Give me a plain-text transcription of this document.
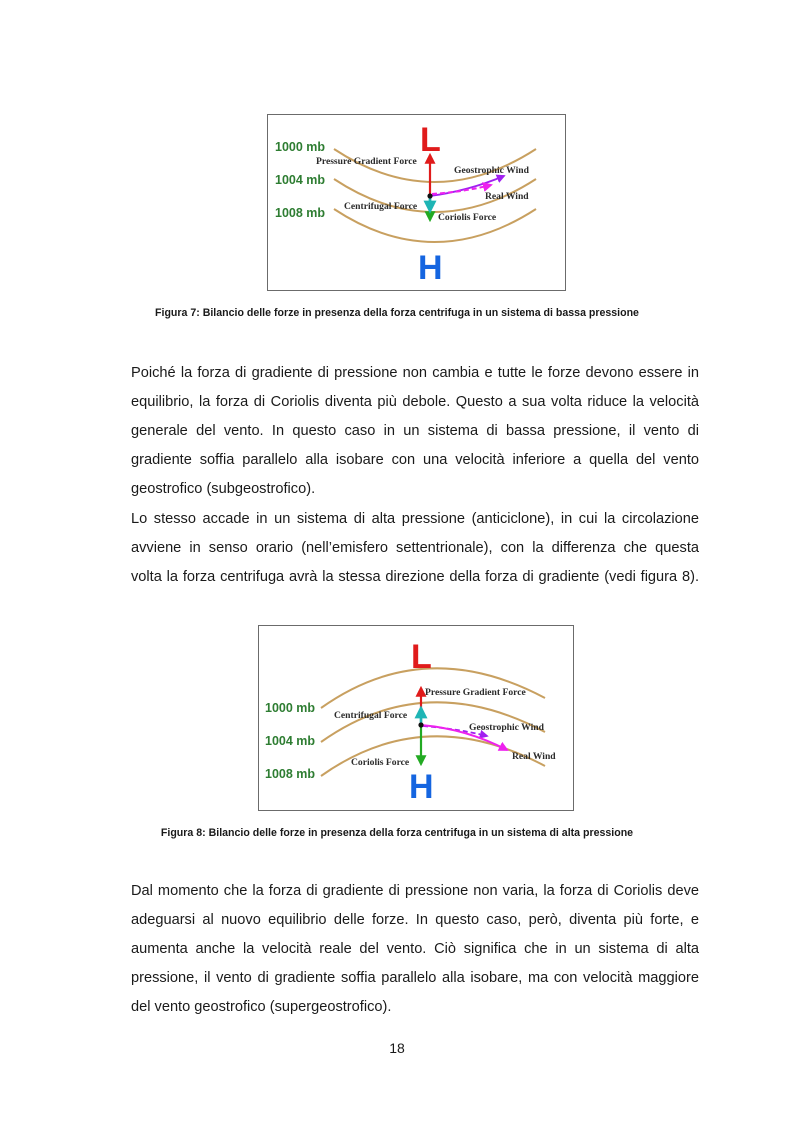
1000 mb
1004 mb
1008 mb
L
H
Pressure Gradient Force
Geostrophic Wind
Real Wind
Centrifugal Force
Coriolis Force
Figura 7: Bilancio delle forze in presenza della forza centrifuga in un sistema di bassa pressione
Poiché la forza di gradiente di pressione non cambia e tutte le forze devono essere in
equilibrio, la forza di Coriolis diventa più debole. Questo a sua volta riduce la velocità
generale del vento. In questo caso in un sistema di bassa pressione, il vento di
gradiente soffia parallelo alla isobare con una velocità inferiore a quella del vento
geostrofico (subgeostrofico).
Lo stesso accade in un sistema di alta pressione (anticiclone), in cui la circolazione
avviene in senso orario (nell’emisfero settentrionale), con la differenza che questa
volta la forza centrifuga avrà la stessa direzione della forza di gradiente (vedi figura 8).
1000 mb
1004 mb
1008 mb
L
H
Pressure Gradient Force
Centrifugal Force
Geostrophic Wind
Real Wind
Coriolis Force
Figura 8: Bilancio delle forze in presenza della forza centrifuga in un sistema di alta pressione
Dal momento che la forza di gradiente di pressione non varia, la forza di Coriolis deve
adeguarsi al nuovo equilibrio delle forze. In questo caso, però, diventa più forte, e
aumenta anche la velocità reale del vento. Ciò significa che in un sistema di alta
pressione, il vento di gradiente soffia parallelo alla isobare, ma con velocità maggiore
del vento geostrofico (supergeostrofico).
18
